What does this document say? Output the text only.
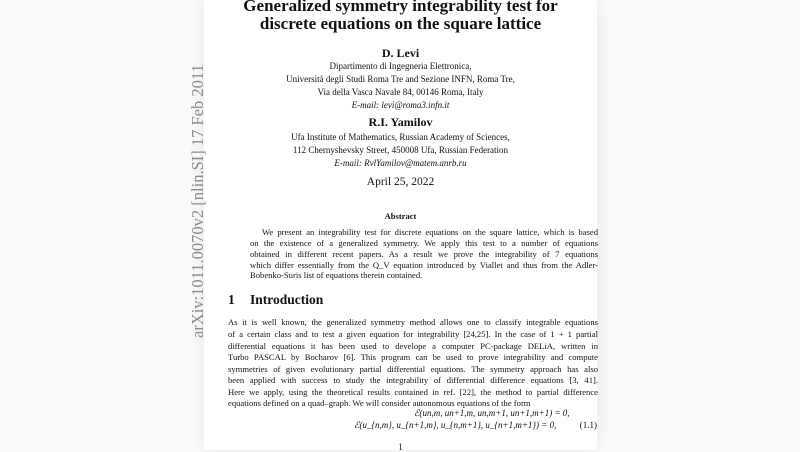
arXiv:1011.0070v2 [nlin.SI] 17 Feb 2011
Generalized symmetry integrability test for
discrete equations on the square lattice
D. Levi
Dipartimento di Ingegneria Elettronica,
Università degli Studi Roma Tre and Sezione INFN, Roma Tre,
Via della Vasca Navale 84, 00146 Roma, Italy
E-mail: levi@roma3.infn.it
R.I. Yamilov
Ufa Institute of Mathematics, Russian Academy of Sciences,
112 Chernyshevsky Street, 450008 Ufa, Russian Federation
E-mail: RvlYamilov@matem.anrb.ru
April 25, 2022
Abstract
We present an integrability test for discrete equations on the square lattice, which is based
on the existence of a generalized symmetry. We apply this test to a number of equations
obtained in different recent papers. As a result we prove the integrability of 7 equations
which differ essentially from the Q_V equation introduced by Viallet and thus from the Adler-
Bobenko-Suris list of equations therein contained.
1 Introduction
As it is well known, the generalized symmetry method allows one to classify integrable equations
of a certain class and to test a given equation for integrability [24,25]. In the case of 1 + 1 partial
differential equations it has been used to develope a computer PC-package DELiA, written in
Turbo PASCAL by Bocharov [6]. This program can be used to prove integrability and compute
symmetries of given evolutionary partial differential equations. The symmetry approach has also
been applied with success to study the integrability of differential difference equations [3, 41].
Here we apply, using the theoretical results contained in ref. [22], the method to partial difference
equations defined on a quad–graph. We will consider autonomous equations of the form
ℰ(un,m, un+1,m, un,m+1, un+1,m+1) = 0,
ℰ(u_{n,m}, u_{n+1,m}, u_{n,m+1}, u_{n+1,m+1}) = 0,	(1.1)
1
